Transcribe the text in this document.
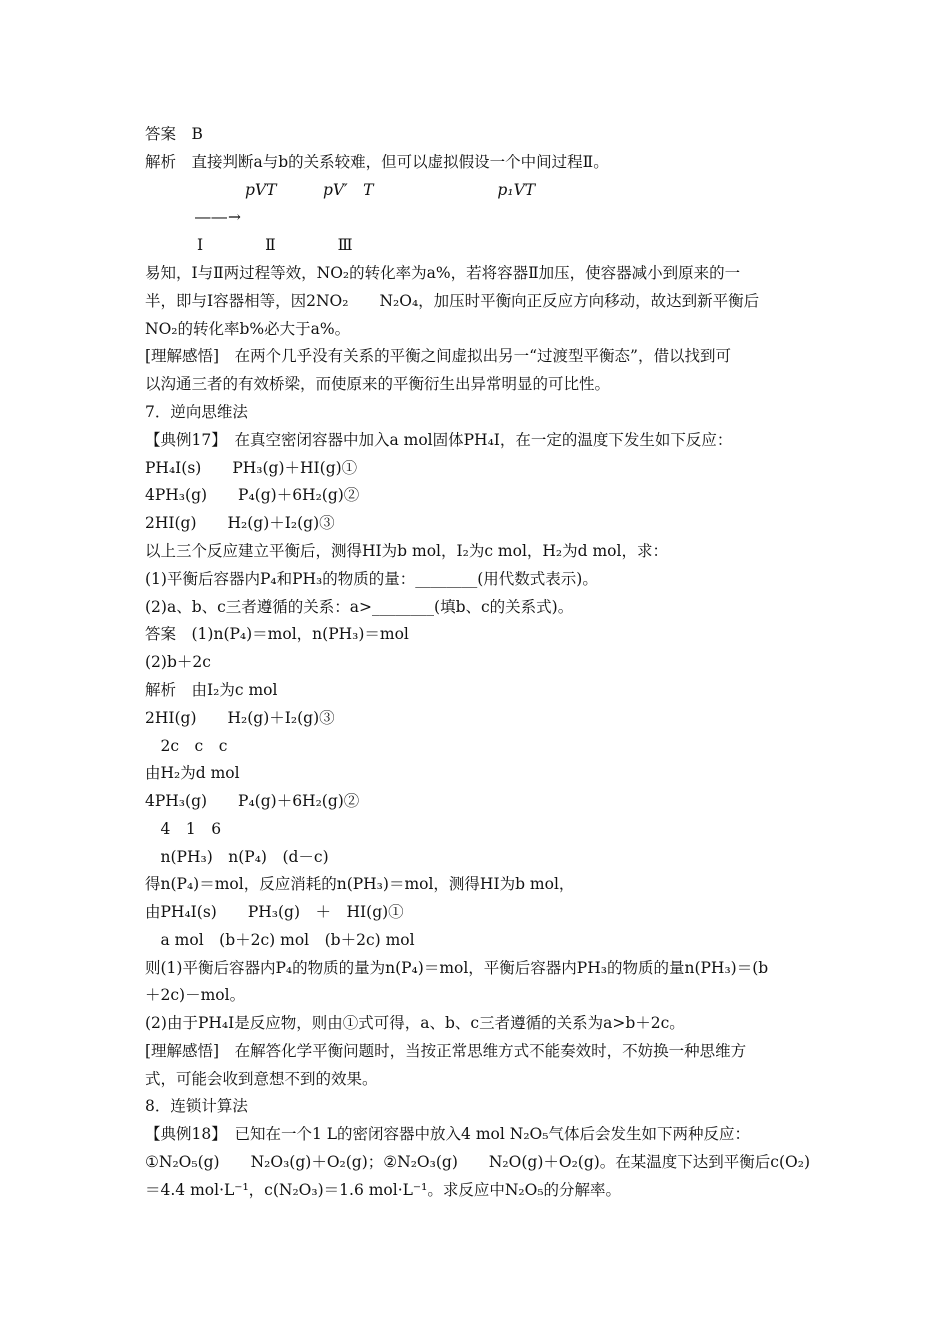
答案　B
解析　直接判断a与b的关系较难，但可以虚拟假设一个中间过程Ⅱ。
pVT　　　pV′　T　　　　　　　　p₁VT
――→
Ⅰ　　　　Ⅱ　　　　Ⅲ
易知，Ⅰ与Ⅱ两过程等效，NO₂的转化率为a%，若将容器Ⅱ加压，使容器减小到原来的一
半，即与Ⅰ容器相等，因2NO₂　　N₂O₄，加压时平衡向正反应方向移动，故达到新平衡后
NO₂的转化率b%必大于a%。
[理解感悟]　在两个几乎没有关系的平衡之间虚拟出另一“过渡型平衡态”，借以找到可
以沟通三者的有效桥梁，而使原来的平衡衍生出异常明显的可比性。
7．逆向思维法
【典例17】　在真空密闭容器中加入a mol固体PH₄I，在一定的温度下发生如下反应：
PH₄I(s)　　PH₃(g)＋HI(g)①
4PH₃(g)　　P₄(g)＋6H₂(g)②
2HI(g)　　H₂(g)＋I₂(g)③
以上三个反应建立平衡后，测得HI为b mol，I₂为c mol，H₂为d mol，求：
(1)平衡后容器内P₄和PH₃的物质的量：________(用代数式表示)。
(2)a、b、c三者遵循的关系：a>________(填b、c的关系式)。
答案　(1)n(P₄)＝mol，n(PH₃)＝mol
(2)b＋2c
解析　由I₂为c mol
2HI(g)　　H₂(g)＋I₂(g)③
　2c　c　c
由H₂为d mol
4PH₃(g)　　P₄(g)＋6H₂(g)②
　4　1　6
　n(PH₃)　n(P₄)　(d－c)
得n(P₄)＝mol，反应消耗的n(PH₃)＝mol，测得HI为b mol，
由PH₄I(s)　　PH₃(g)　＋　HI(g)①
　a mol　(b＋2c) mol　(b＋2c) mol
则(1)平衡后容器内P₄的物质的量为n(P₄)＝mol，平衡后容器内PH₃的物质的量n(PH₃)＝(b
＋2c)－mol。
(2)由于PH₄I是反应物，则由①式可得，a、b、c三者遵循的关系为a>b＋2c。
[理解感悟]　在解答化学平衡问题时，当按正常思维方式不能奏效时，不妨换一种思维方
式，可能会收到意想不到的效果。
8．连锁计算法
【典例18】　已知在一个1 L的密闭容器中放入4 mol N₂O₅气体后会发生如下两种反应：
①N₂O₅(g)　　N₂O₃(g)＋O₂(g)；②N₂O₃(g)　　N₂O(g)＋O₂(g)。在某温度下达到平衡后c(O₂)
＝4.4 mol·L⁻¹，c(N₂O₃)＝1.6 mol·L⁻¹。求反应中N₂O₅的分解率。
